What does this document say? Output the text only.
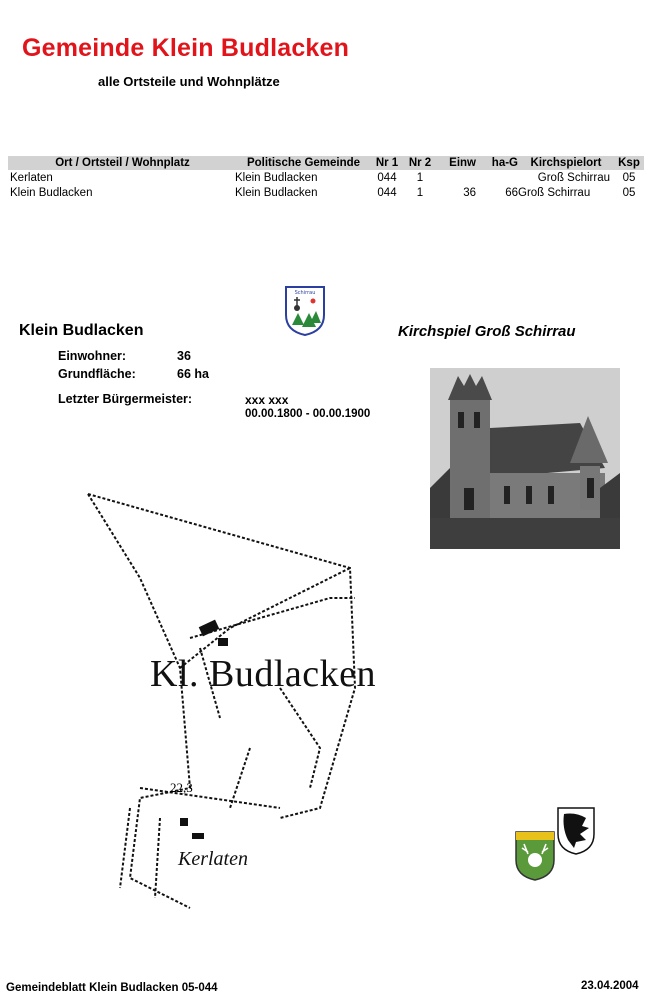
Gemeinde Klein Budlacken
alle Ortsteile und Wohnplätze
Ort / Ortsteil / Wohnplatz	Politische Gemeinde	Nr 1	Nr 2	Einw	ha-G	Kirchspielort	Ksp
Kerlaten	Klein Budlacken	044	1			Groß Schirrau	05
Klein Budlacken	Klein Budlacken	044	1	36	66	Groß Schirrau	05
Schirrau
Klein Budlacken	Kirchspiel Groß Schirrau
Einwohner:	36
Grundfläche:	66 ha
Letzter Bürgermeister:	xxx xxx
00.00.1800 - 00.00.1900
Kl. Budlacken
22,3
Kerlaten
Gemeindeblatt Klein Budlacken 05-044	23.04.2004
